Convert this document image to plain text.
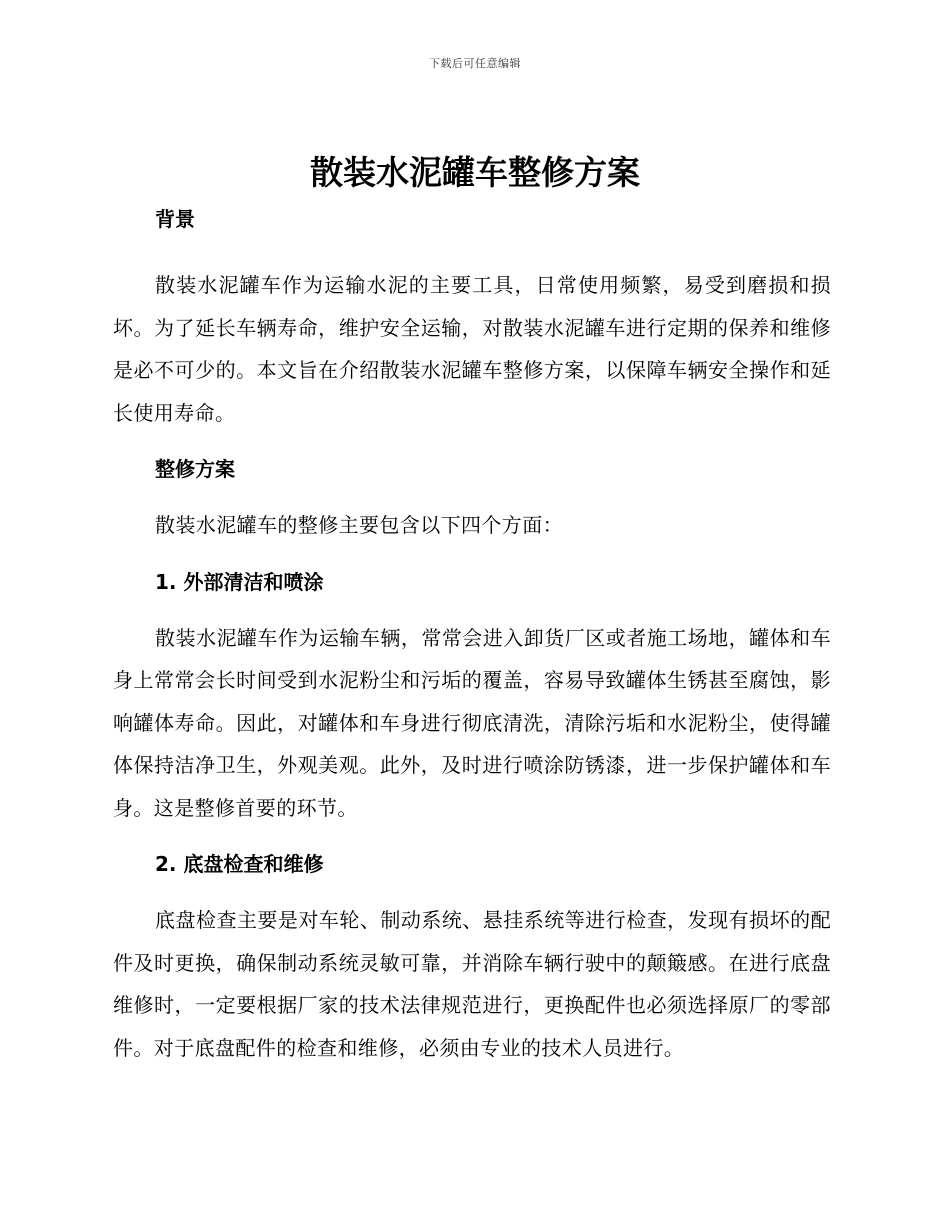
下载后可任意编辑
散装水泥罐车整修方案
背景

散装水泥罐车作为运输水泥的主要工具，日常使用频繁，易受到磨损和损坏。为了延长车辆寿命，维护安全运输，对散装水泥罐车进行定期的保养和维修是必不可少的。本文旨在介绍散装水泥罐车整修方案，以保障车辆安全操作和延长使用寿命。

整修方案

散装水泥罐车的整修主要包含以下四个方面：

1. 外部清洁和喷涂

散装水泥罐车作为运输车辆，常常会进入卸货厂区或者施工场地，罐体和车身上常常会长时间受到水泥粉尘和污垢的覆盖，容易导致罐体生锈甚至腐蚀，影响罐体寿命。因此，对罐体和车身进行彻底清洗，清除污垢和水泥粉尘，使得罐体保持洁净卫生，外观美观。此外，及时进行喷涂防锈漆，进一步保护罐体和车身。这是整修首要的环节。

2. 底盘检查和维修

底盘检查主要是对车轮、制动系统、悬挂系统等进行检查，发现有损坏的配件及时更换，确保制动系统灵敏可靠，并消除车辆行驶中的颠簸感。在进行底盘维修时，一定要根据厂家的技术法律规范进行，更换配件也必须选择原厂的零部件。对于底盘配件的检查和维修，必须由专业的技术人员进行。
